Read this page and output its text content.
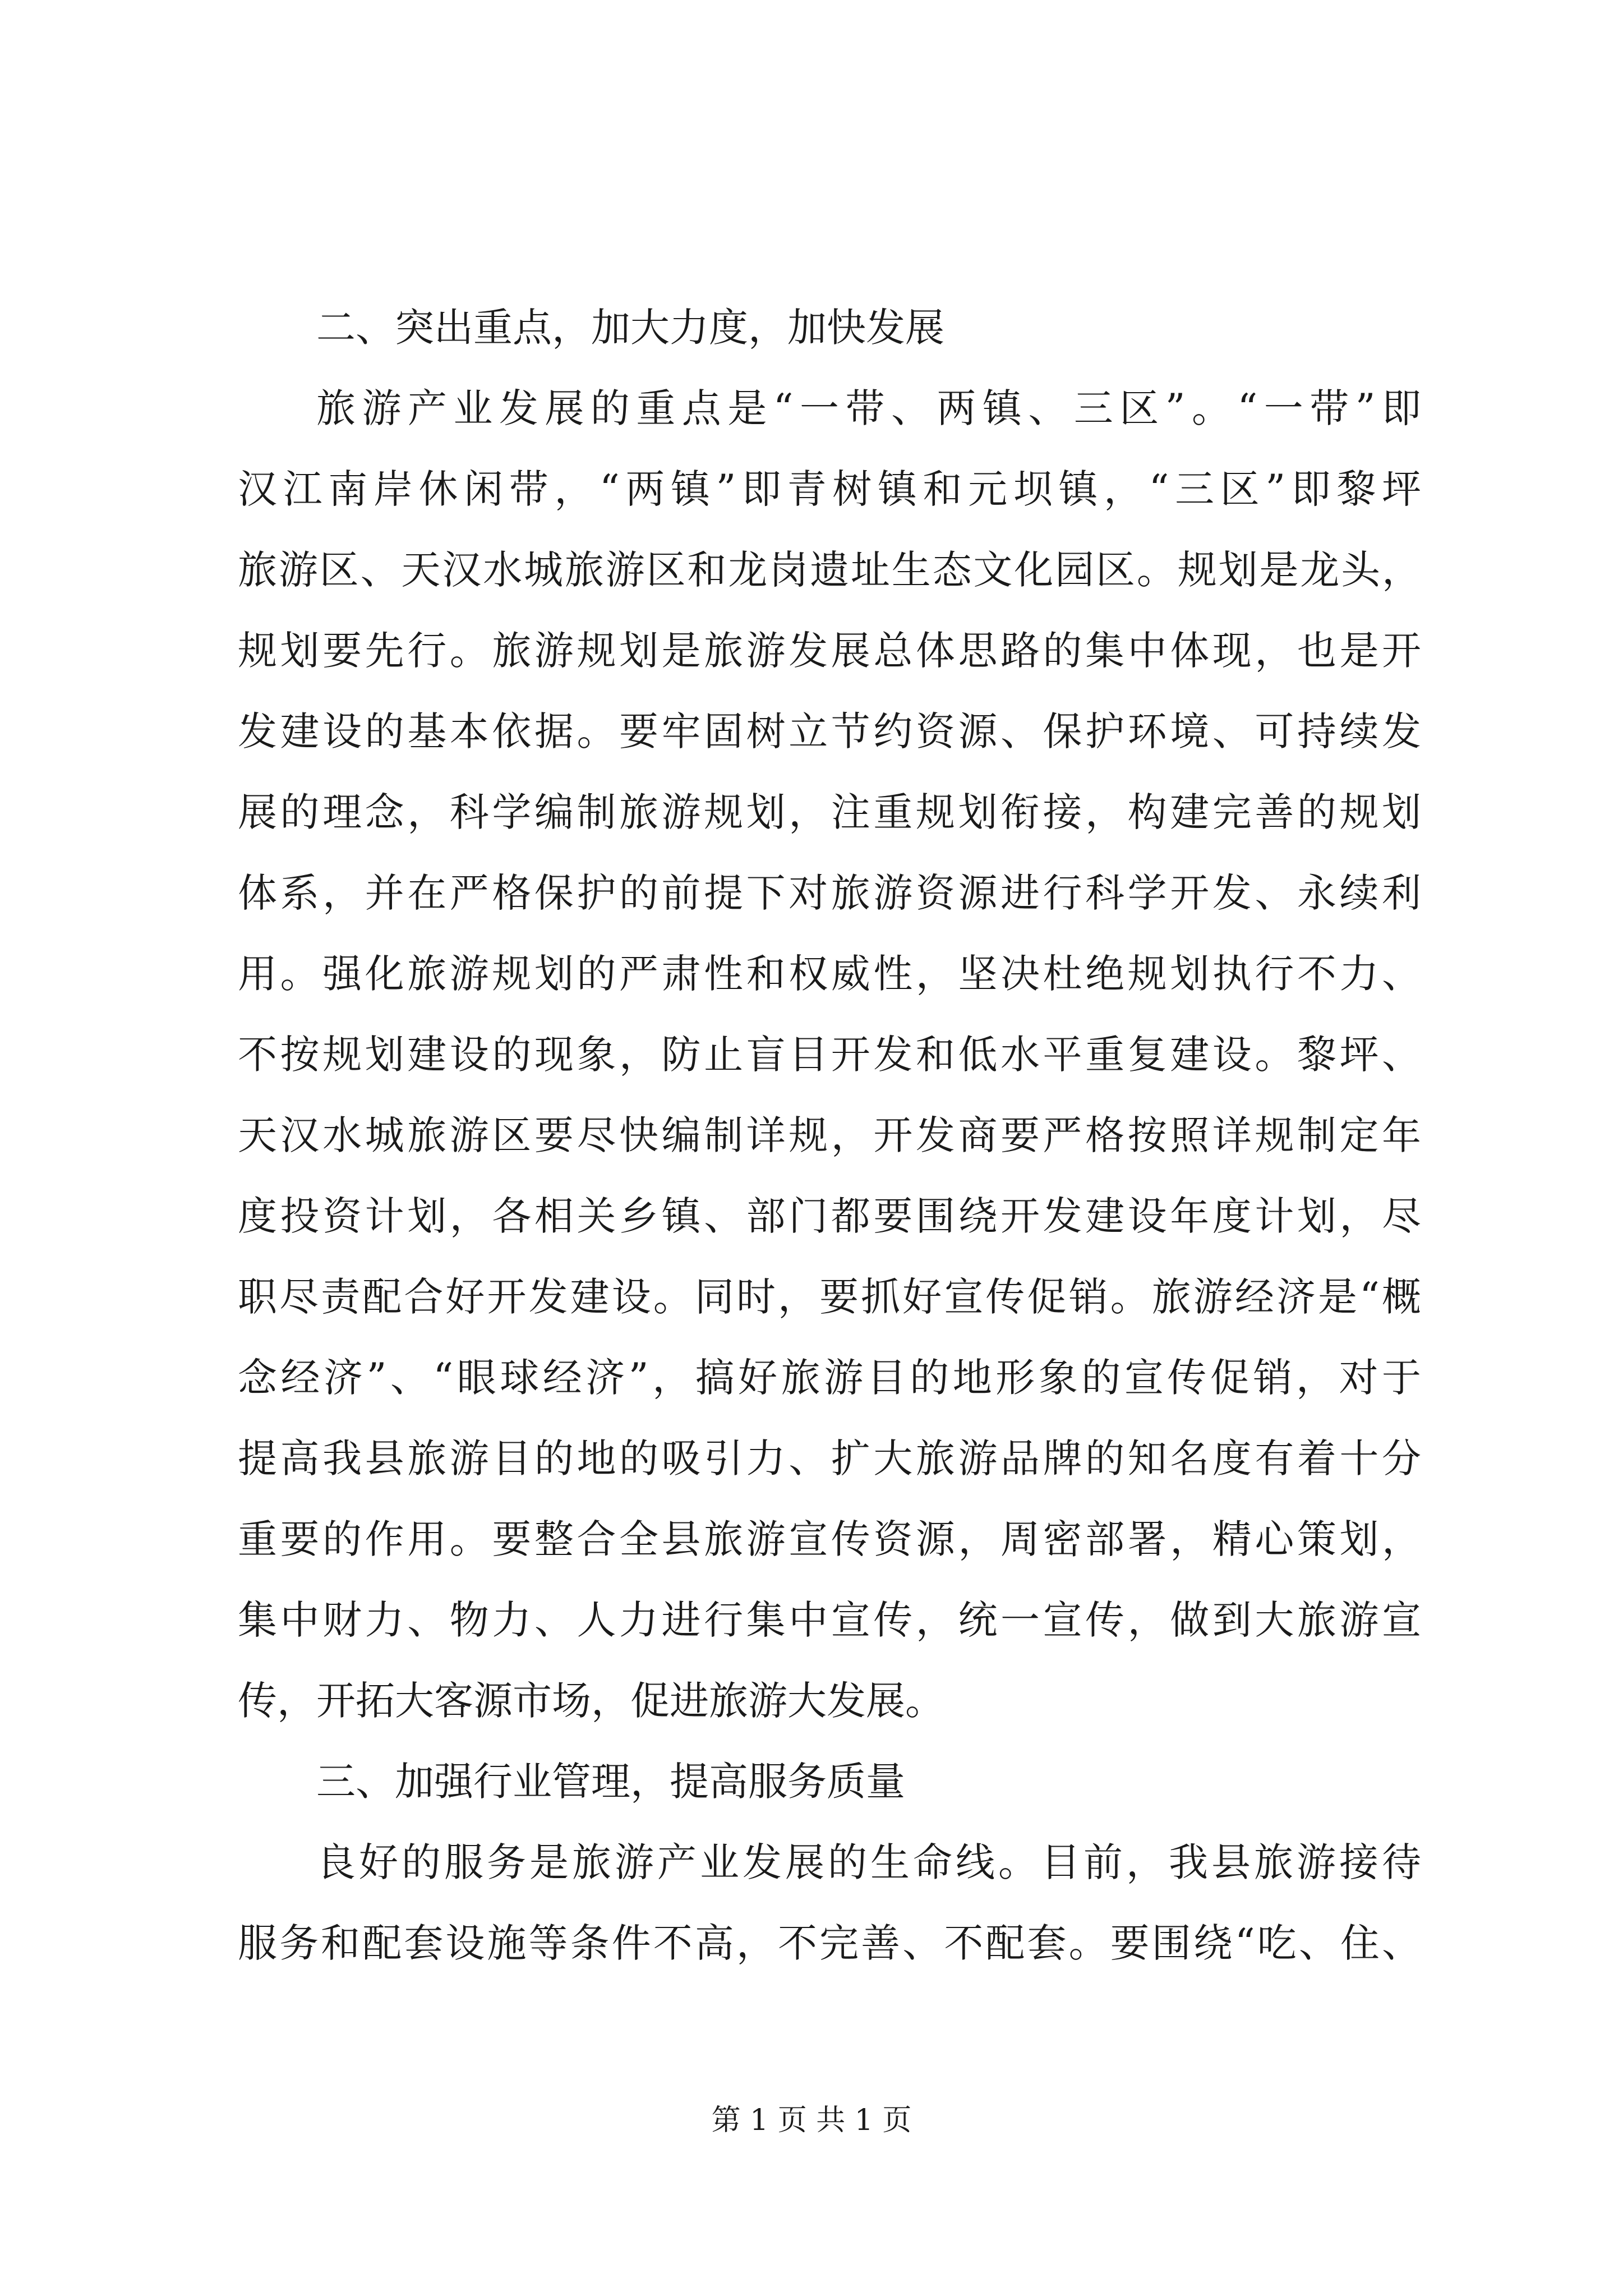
二、突出重点，加大力度，加快发展
旅游产业发展的重点是“一带、两镇、三区”。“一带”即
汉江南岸休闲带，“两镇”即青树镇和元坝镇，“三区”即黎坪
旅游区、天汉水城旅游区和龙岗遗址生态文化园区。规划是龙头，
规划要先行。旅游规划是旅游发展总体思路的集中体现，也是开
发建设的基本依据。要牢固树立节约资源、保护环境、可持续发
展的理念，科学编制旅游规划，注重规划衔接，构建完善的规划
体系，并在严格保护的前提下对旅游资源进行科学开发、永续利
用。强化旅游规划的严肃性和权威性，坚决杜绝规划执行不力、
不按规划建设的现象，防止盲目开发和低水平重复建设。黎坪、
天汉水城旅游区要尽快编制详规，开发商要严格按照详规制定年
度投资计划，各相关乡镇、部门都要围绕开发建设年度计划，尽
职尽责配合好开发建设。同时，要抓好宣传促销。旅游经济是“概
念经济”、“眼球经济”，搞好旅游目的地形象的宣传促销，对于
提高我县旅游目的地的吸引力、扩大旅游品牌的知名度有着十分
重要的作用。要整合全县旅游宣传资源，周密部署，精心策划，
集中财力、物力、人力进行集中宣传，统一宣传，做到大旅游宣
传，开拓大客源市场，促进旅游大发展。
三、加强行业管理，提高服务质量
良好的服务是旅游产业发展的生命线。目前，我县旅游接待
服务和配套设施等条件不高，不完善、不配套。要围绕“吃、住、
第 1 页 共 1 页
